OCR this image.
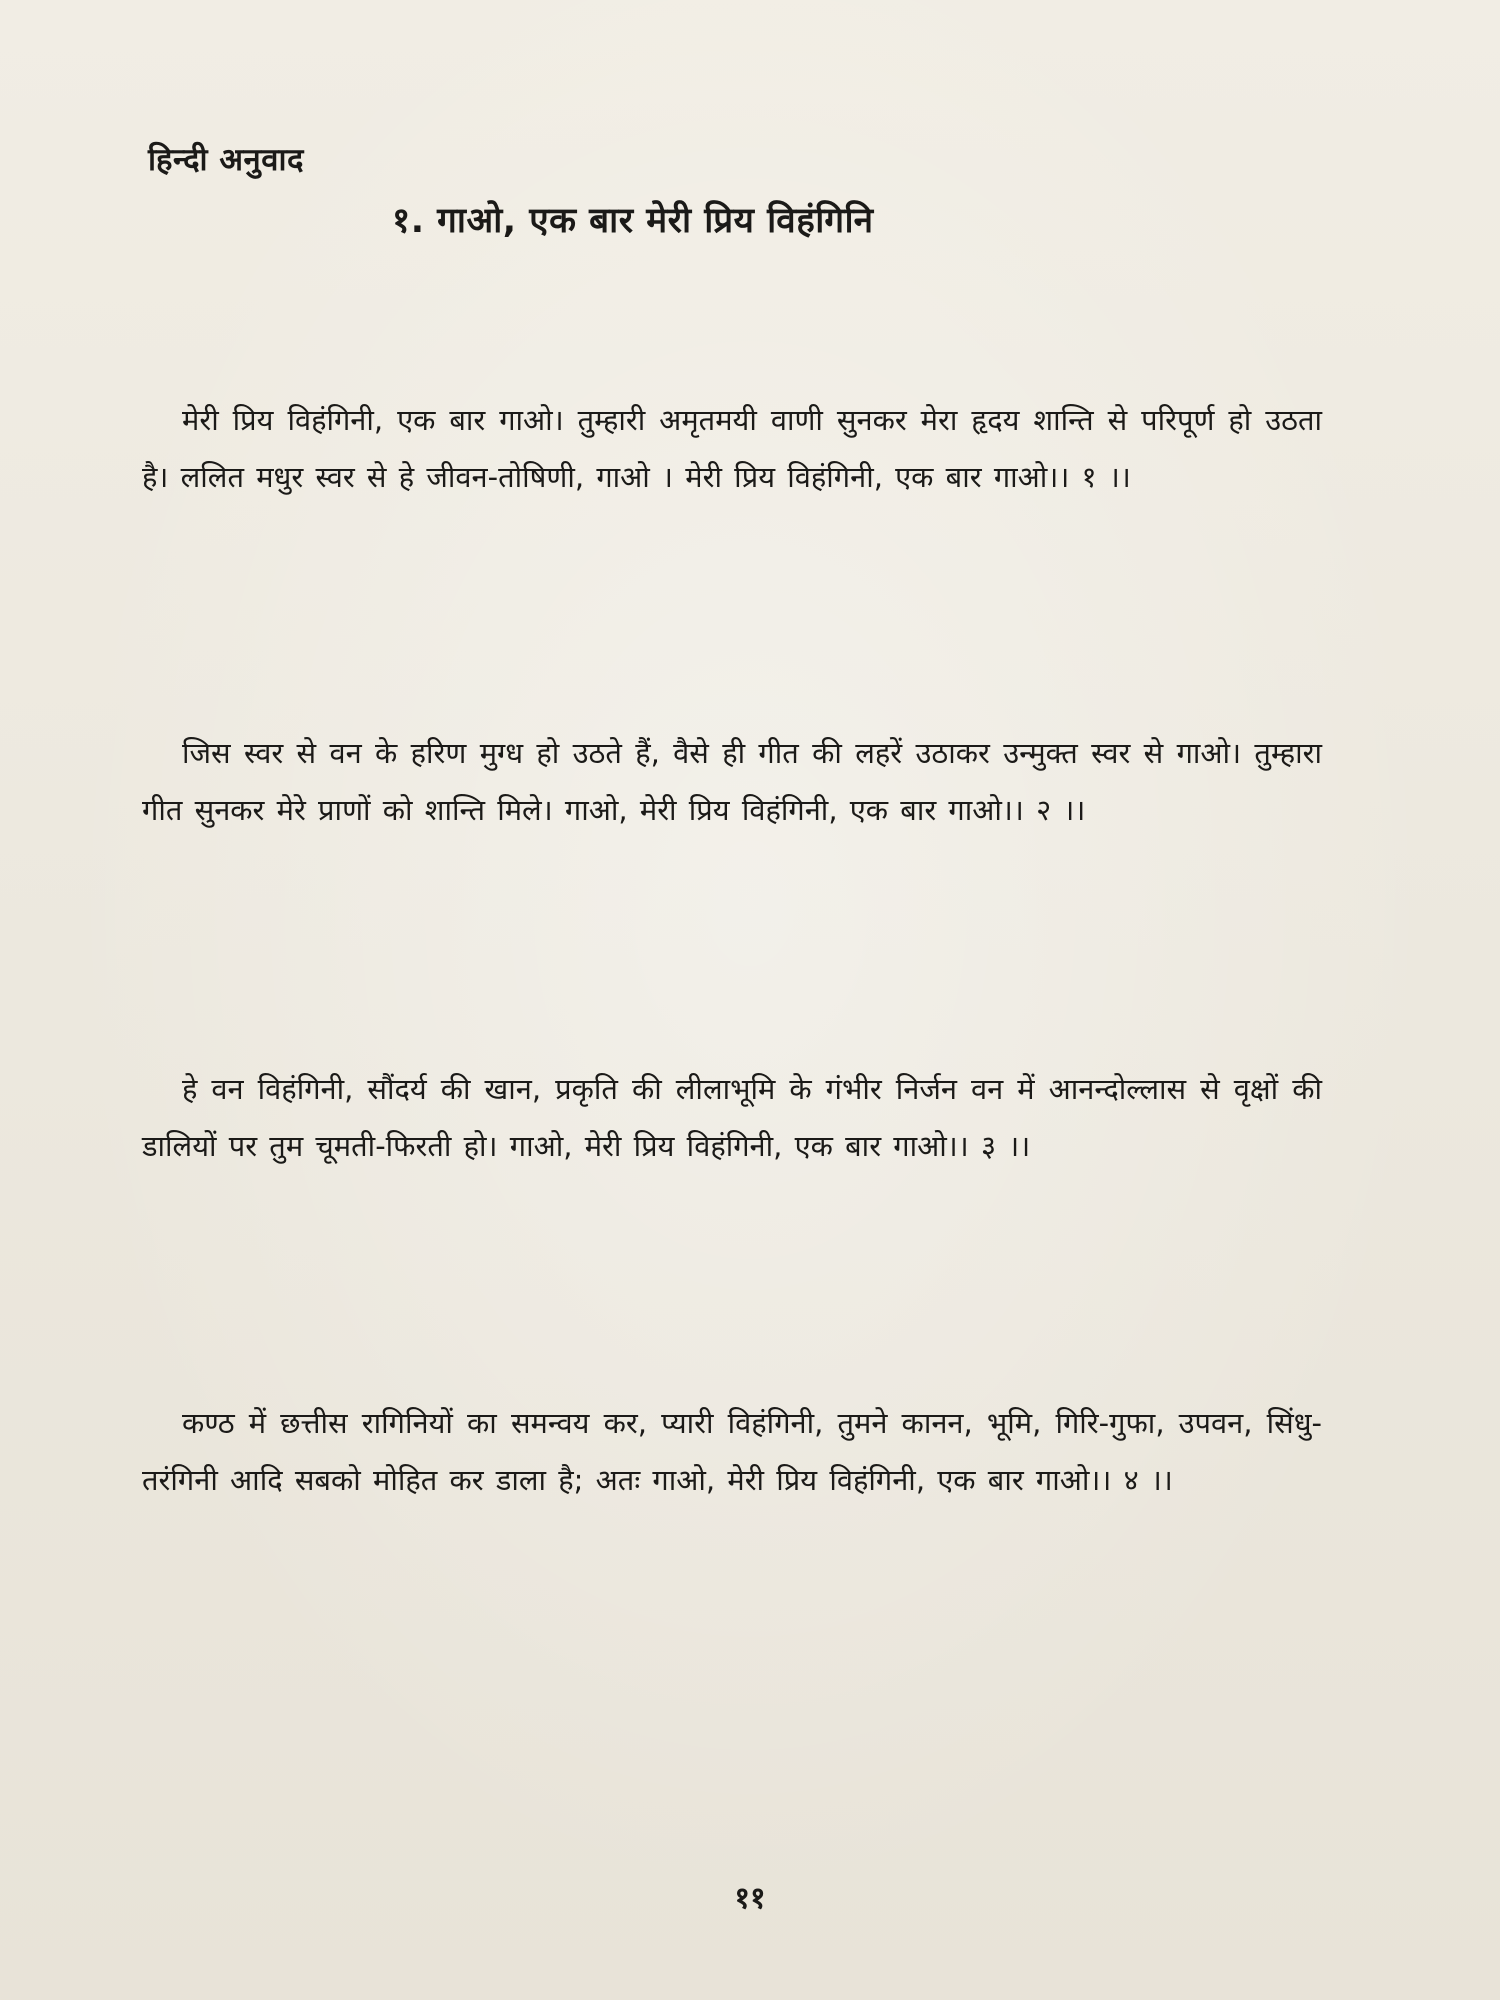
हिन्दी अनुवाद
१. गाओ, एक बार मेरी प्रिय विहंगिनि

मेरी प्रिय विहंगिनी, एक बार गाओ। तुम्हारी अमृतमयी वाणी सुनकर मेरा हृदय शान्ति से परिपूर्ण हो उठता है। ललित मधुर स्वर से हे जीवन-तोषिणी, गाओ । मेरी प्रिय विहंगिनी, एक बार गाओ।। १ ।।

जिस स्वर से वन के हरिण मुग्ध हो उठते हैं, वैसे ही गीत की लहरें उठाकर उन्मुक्त स्वर से गाओ। तुम्हारा गीत सुनकर मेरे प्राणों को शान्ति मिले। गाओ, मेरी प्रिय विहंगिनी, एक बार गाओ।। २ ।।

हे वन विहंगिनी, सौंदर्य की खान, प्रकृति की लीलाभूमि के गंभीर निर्जन वन में आनन्दोल्लास से वृक्षों की डालियों पर तुम चूमती-फिरती हो। गाओ, मेरी प्रिय विहंगिनी, एक बार गाओ।। ३ ।।

कण्ठ में छत्तीस रागिनियों का समन्वय कर, प्यारी विहंगिनी, तुमने कानन, भूमि, गिरि-गुफा, उपवन, सिंधु-तरंगिनी आदि सबको मोहित कर डाला है; अतः गाओ, मेरी प्रिय विहंगिनी, एक बार गाओ।। ४ ।।

११
